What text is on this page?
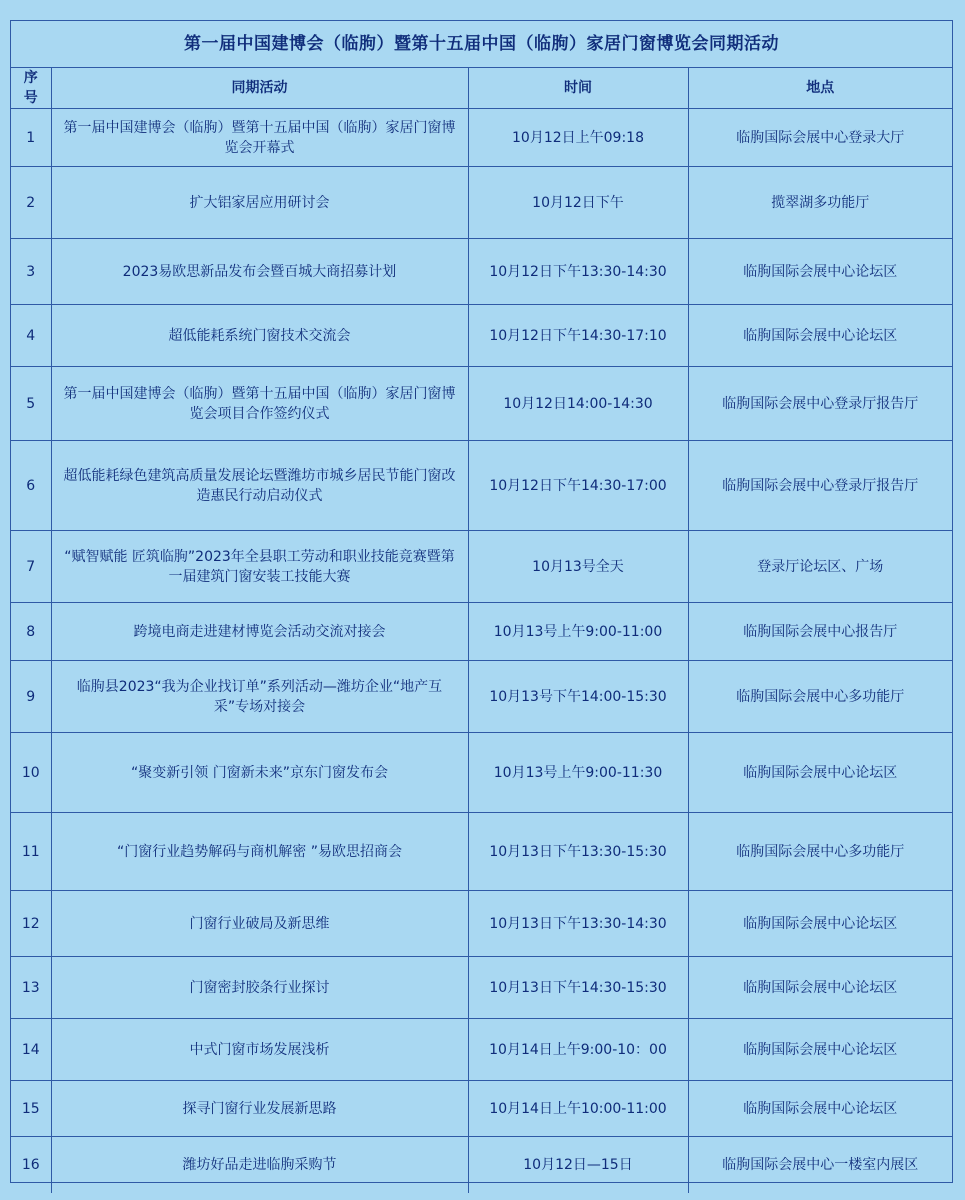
第一届中国建博会（临朐）暨第十五届中国（临朐）家居门窗博览会同期活动
序号	同期活动	时间	地点
1	第一届中国建博会（临朐）暨第十五届中国（临朐）家居门窗博览会开幕式	10月12日上午09:18	临朐国际会展中心登录大厅
2	扩大铝家居应用研讨会	10月12日下午	揽翠湖多功能厅
3	2023易欧思新品发布会暨百城大商招募计划	10月12日下午13:30-14:30	临朐国际会展中心论坛区
4	超低能耗系统门窗技术交流会	10月12日下午14:30-17:10	临朐国际会展中心论坛区
5	第一届中国建博会（临朐）暨第十五届中国（临朐）家居门窗博览会项目合作签约仪式	10月12日14:00-14:30	临朐国际会展中心登录厅报告厅
6	超低能耗绿色建筑高质量发展论坛暨潍坊市城乡居民节能门窗改造惠民行动启动仪式	10月12日下午14:30-17:00	临朐国际会展中心登录厅报告厅
7	“赋智赋能 匠筑临朐”2023年全县职工劳动和职业技能竞赛暨第一届建筑门窗安装工技能大赛	10月13号全天	登录厅论坛区、广场
8	跨境电商走进建材博览会活动交流对接会	10月13号上午9:00-11:00	临朐国际会展中心报告厅
9	临朐县2023“我为企业找订单”系列活动—潍坊企业“地产互采”专场对接会	10月13号下午14:00-15:30	临朐国际会展中心多功能厅
10	“聚变新引领 门窗新未来”京东门窗发布会	10月13号上午9:00-11:30	临朐国际会展中心论坛区
11	“门窗行业趋势解码与商机解密 ”易欧思招商会	10月13日下午13:30-15:30	临朐国际会展中心多功能厅
12	门窗行业破局及新思维	10月13日下午13:30-14:30	临朐国际会展中心论坛区
13	门窗密封胶条行业探讨	10月13日下午14:30-15:30	临朐国际会展中心论坛区
14	中式门窗市场发展浅析	10月14日上午9:00-10：00	临朐国际会展中心论坛区
15	探寻门窗行业发展新思路	10月14日上午10:00-11:00	临朐国际会展中心论坛区
16	潍坊好品走进临朐采购节	10月12日—15日	临朐国际会展中心一楼室内展区
